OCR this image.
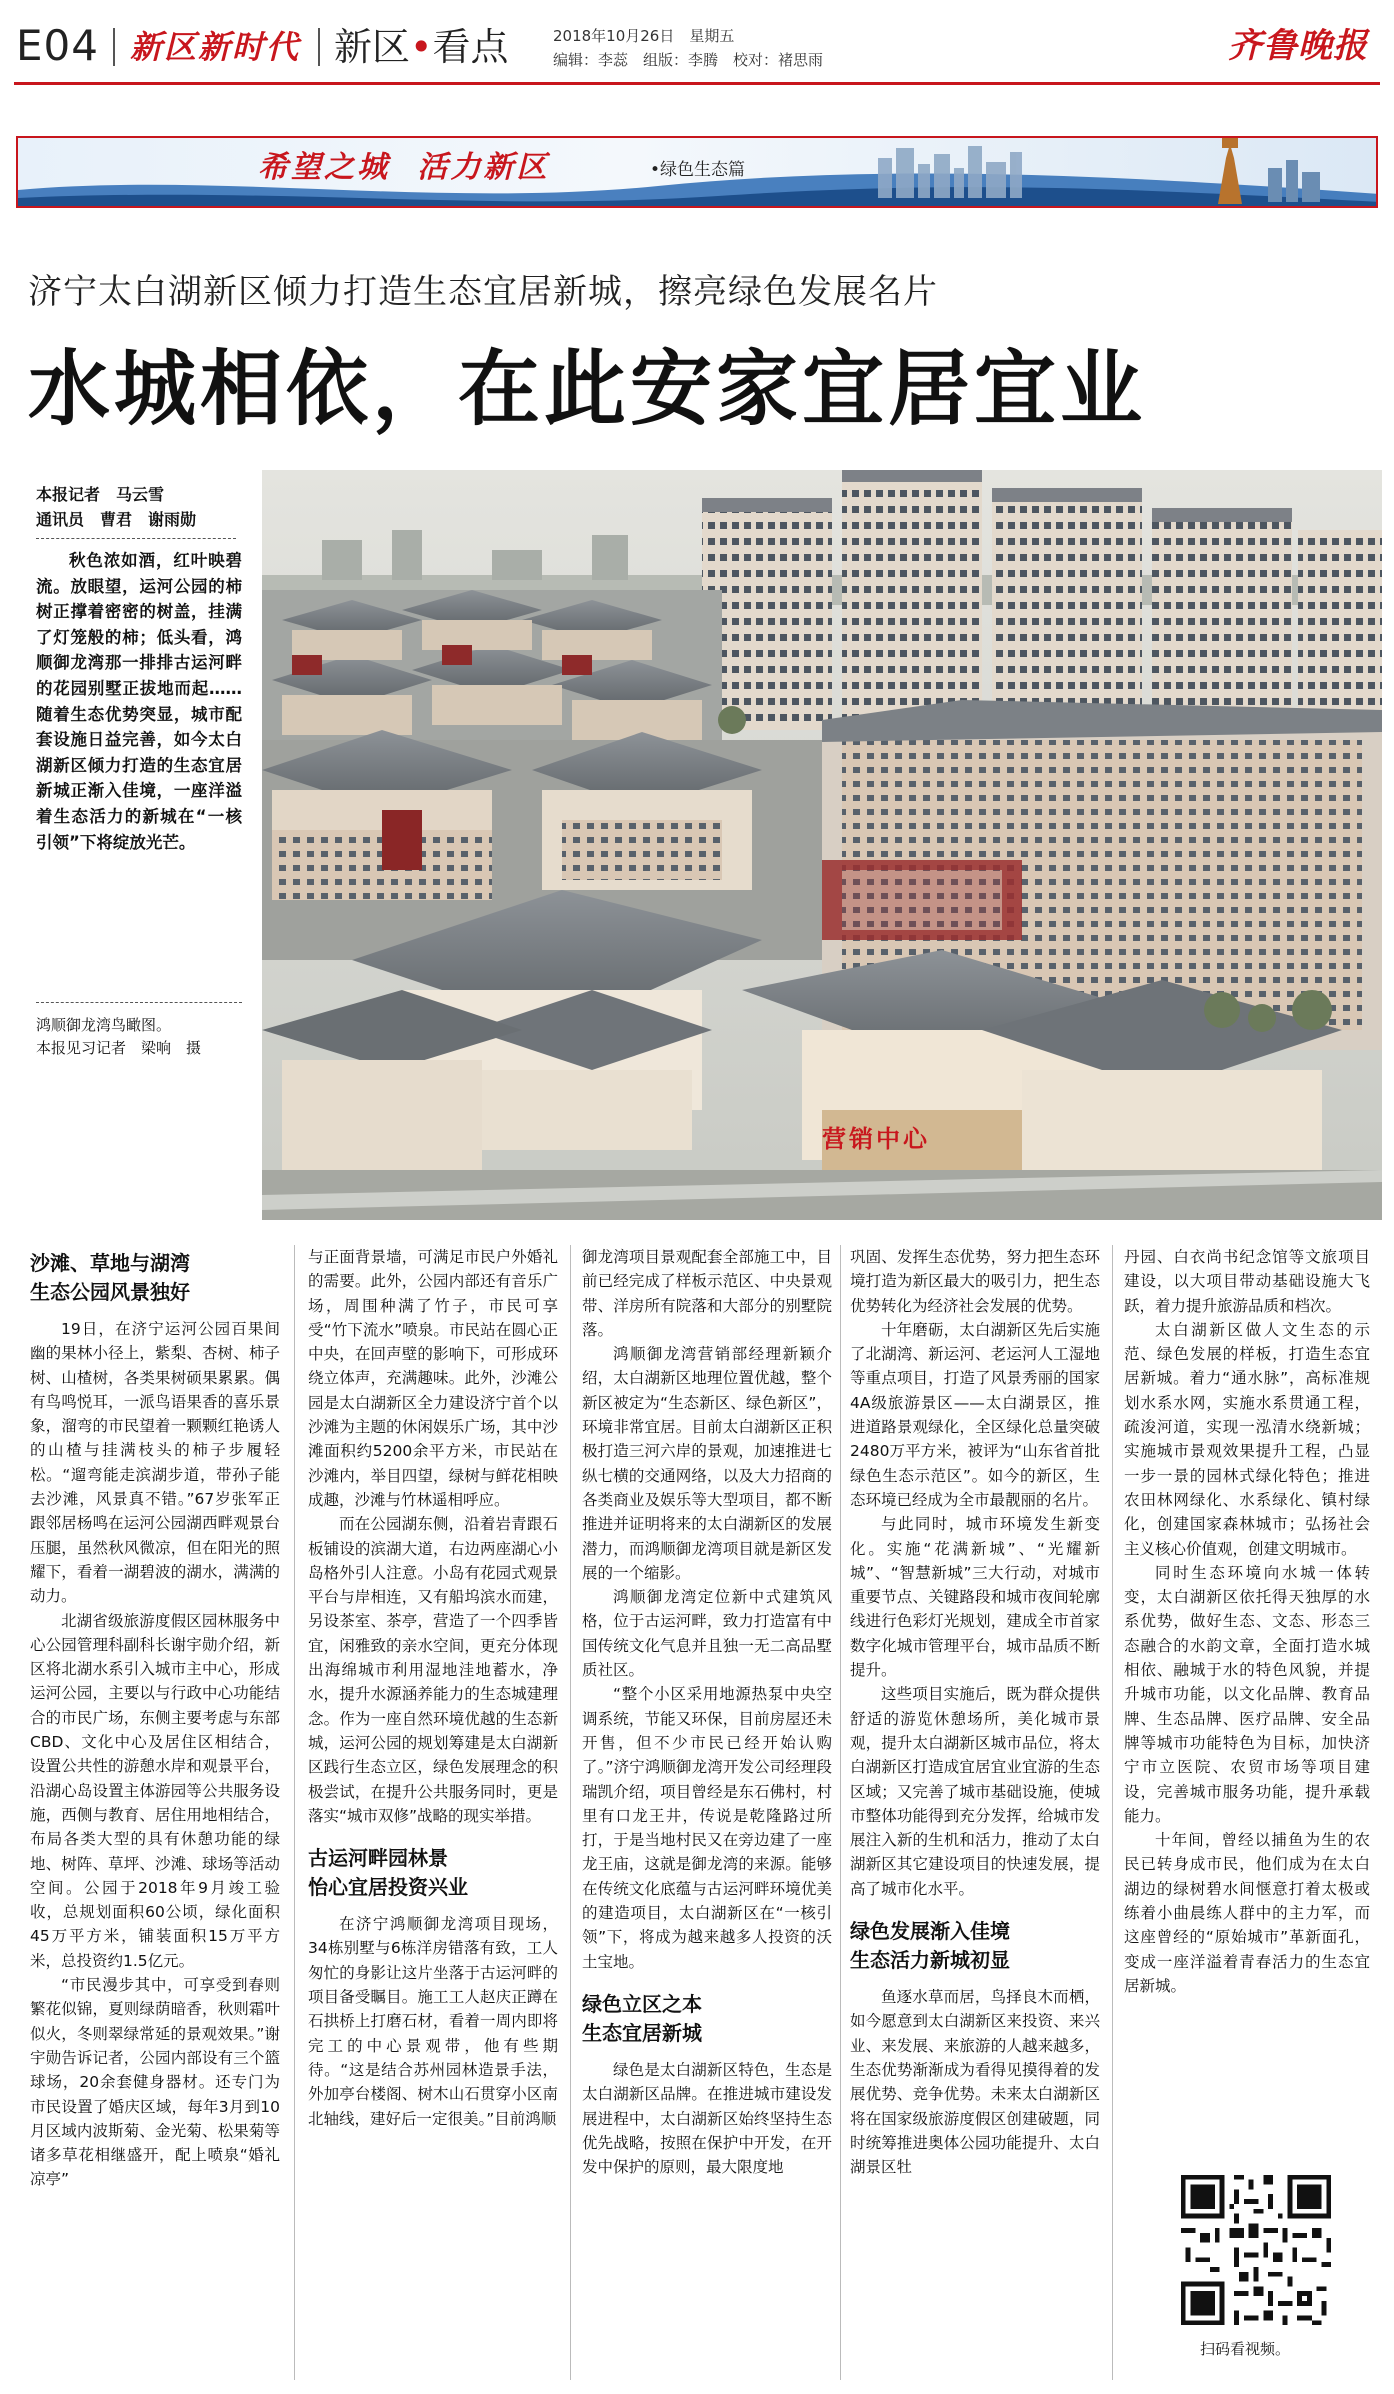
E04 新区新时代 新区•看点	2018年10月26日　星期五
编辑：李蕊　组版：李腾　校对：褚思雨	齐鲁晚报
希望之城 活力新区	•绿色生态篇
济宁太白湖新区倾力打造生态宜居新城，擦亮绿色发展名片
水城相依，在此安家宜居宜业
本报记者　马云雪
通讯员　曹君　谢雨勋
秋色浓如酒，红叶映碧流。放眼望，运河公园的柿树正撑着密密的树盖，挂满了灯笼般的柿；低头看，鸿顺御龙湾那一排排古运河畔的花园别墅正拔地而起……随着生态优势突显，城市配套设施日益完善，如今太白湖新区倾力打造的生态宜居新城正渐入佳境，一座洋溢着生态活力的新城在“一核引领”下将绽放光芒。
鸿顺御龙湾鸟瞰图。
本报见习记者　梁响　摄
营销中心
沙滩、草地与湖湾
生态公园风景独好

19日，在济宁运河公园百果间幽的果林小径上，紫梨、杏树、柿子树、山楂树，各类果树硕果累累。偶有鸟鸣悦耳，一派鸟语果香的喜乐景象，溜弯的市民望着一颗颗红艳诱人的山楂与挂满枝头的柿子步履轻松。“遛弯能走滨湖步道，带孙子能去沙滩，风景真不错。”67岁张军正跟邻居杨鸣在运河公园湖西畔观景台压腿，虽然秋风微凉，但在阳光的照耀下，看着一湖碧波的湖水，满满的动力。

北湖省级旅游度假区园林服务中心公园管理科副科长谢宇勋介绍，新区将北湖水系引入城市主中心，形成运河公园，主要以与行政中心功能结合的市民广场，东侧主要考虑与东部CBD、文化中心及居住区相结合，设置公共性的游憩水岸和观景平台，沿湖心岛设置主体游园等公共服务设施，西侧与教育、居住用地相结合，布局各类大型的具有休憩功能的绿地、树阵、草坪、沙滩、球场等活动空间。公园于2018年9月竣工验收，总规划面积60公顷，绿化面积45万平方米，铺装面积15万平方米，总投资约1.5亿元。

“市民漫步其中，可享受到春则繁花似锦，夏则绿荫暗香，秋则霜叶似火，冬则翠绿常延的景观效果。”谢宇勋告诉记者，公园内部设有三个篮球场，20余套健身器材。还专门为市民设置了婚庆区域，每年3月到10月区域内波斯菊、金光菊、松果菊等诸多草花相继盛开，配上喷泉“婚礼凉亭”

与正面背景墙，可满足市民户外婚礼的需要。此外，公园内部还有音乐广场，周围种满了竹子，市民可享受“竹下流水”喷泉。市民站在圆心正中央，在回声壁的影响下，可形成环绕立体声，充满趣味。此外，沙滩公园是太白湖新区全力建设济宁首个以沙滩为主题的休闲娱乐广场，其中沙滩面积约5200余平方米，市民站在沙滩内，举目四望，绿树与鲜花相映成趣，沙滩与竹林遥相呼应。

而在公园湖东侧，沿着岩青跟石板铺设的滨湖大道，右边两座湖心小岛格外引人注意。小岛有花园式观景平台与岸相连，又有船坞滨水而建，另设茶室、茶亭，营造了一个四季皆宜，闲雅致的亲水空间，更充分体现出海绵城市利用湿地洼地蓄水，净水，提升水源涵养能力的生态城建理念。作为一座自然环境优越的生态新城，运河公园的规划筹建是太白湖新区践行生态立区，绿色发展理念的积极尝试，在提升公共服务同时，更是落实“城市双修”战略的现实举措。

古运河畔园林景
怡心宜居投资兴业

在济宁鸿顺御龙湾项目现场，34栋别墅与6栋洋房错落有致，工人匆忙的身影让这片坐落于古运河畔的项目备受瞩目。施工工人赵庆正蹲在石拱桥上打磨石材，看着一周内即将完工的中心景观带，他有些期待。“这是结合苏州园林造景手法，外加亭台楼阁、树木山石贯穿小区南北轴线，建好后一定很美。”目前鸿顺

御龙湾项目景观配套全部施工中，目前已经完成了样板示范区、中央景观带、洋房所有院落和大部分的别墅院落。

鸿顺御龙湾营销部经理新颖介绍，太白湖新区地理位置优越，整个新区被定为“生态新区、绿色新区”，环境非常宜居。目前太白湖新区正积极打造三河六岸的景观，加速推进七纵七横的交通网络，以及大力招商的各类商业及娱乐等大型项目，都不断推进并证明将来的太白湖新区的发展潜力，而鸿顺御龙湾项目就是新区发展的一个缩影。

鸿顺御龙湾定位新中式建筑风格，位于古运河畔，致力打造富有中国传统文化气息并且独一无二高品墅质社区。

“整个小区采用地源热泵中央空调系统，节能又环保，目前房屋还未开售，但不少市民已经开始认购了。”济宁鸿顺御龙湾开发公司经理段瑞凯介绍，项目曾经是东石佛村，村里有口龙王井，传说是乾隆路过所打，于是当地村民又在旁边建了一座龙王庙，这就是御龙湾的来源。能够在传统文化底蕴与古运河畔环境优美的建造项目，太白湖新区在“一核引领”下，将成为越来越多人投资的沃土宝地。

绿色立区之本
生态宜居新城

绿色是太白湖新区特色，生态是太白湖新区品牌。在推进城市建设发展进程中，太白湖新区始终坚持生态优先战略，按照在保护中开发，在开发中保护的原则，最大限度地

巩固、发挥生态优势，努力把生态环境打造为新区最大的吸引力，把生态优势转化为经济社会发展的优势。

十年磨砺，太白湖新区先后实施了北湖湾、新运河、老运河人工湿地等重点项目，打造了风景秀丽的国家4A级旅游景区——太白湖景区，推进道路景观绿化，全区绿化总量突破2480万平方米，被评为“山东省首批绿色生态示范区”。如今的新区，生态环境已经成为全市最靓丽的名片。

与此同时，城市环境发生新变化。实施“花满新城”、“光耀新城”、“智慧新城”三大行动，对城市重要节点、关键路段和城市夜间轮廓线进行色彩灯光规划，建成全市首家数字化城市管理平台，城市品质不断提升。

这些项目实施后，既为群众提供舒适的游览休憩场所，美化城市景观，提升太白湖新区城市品位，将太白湖新区打造成宜居宜业宜游的生态区域；又完善了城市基础设施，使城市整体功能得到充分发挥，给城市发展注入新的生机和活力，推动了太白湖新区其它建设项目的快速发展，提高了城市化水平。

绿色发展渐入佳境
生态活力新城初显

鱼逐水草而居，鸟择良木而栖，如今愿意到太白湖新区来投资、来兴业、来发展、来旅游的人越来越多，生态优势渐渐成为看得见摸得着的发展优势、竞争优势。未来太白湖新区将在国家级旅游度假区创建破题，同时统筹推进奥体公园功能提升、太白湖景区牡

丹园、白衣尚书纪念馆等文旅项目建设，以大项目带动基础设施大飞跃，着力提升旅游品质和档次。

太白湖新区做人文生态的示范、绿色发展的样板，打造生态宜居新城。着力“通水脉”，高标准规划水系水网，实施水系贯通工程，疏浚河道，实现一泓清水绕新城；实施城市景观效果提升工程，凸显一步一景的园林式绿化特色；推进农田林网绿化、水系绿化、镇村绿化，创建国家森林城市；弘扬社会主义核心价值观，创建文明城市。

同时生态环境向水城一体转变，太白湖新区依托得天独厚的水系优势，做好生态、文态、形态三态融合的水韵文章，全面打造水城相依、融城于水的特色风貌，并提升城市功能，以文化品牌、教育品牌、生态品牌、医疗品牌、安全品牌等城市功能特色为目标，加快济宁市立医院、农贸市场等项目建设，完善城市服务功能，提升承载能力。

十年间，曾经以捕鱼为生的农民已转身成市民，他们成为在太白湖边的绿树碧水间惬意打着太极或练着小曲晨练人群中的主力军，而这座曾经的“原始城市”革新面孔，变成一座洋溢着青春活力的生态宜居新城。

扫码看视频。
